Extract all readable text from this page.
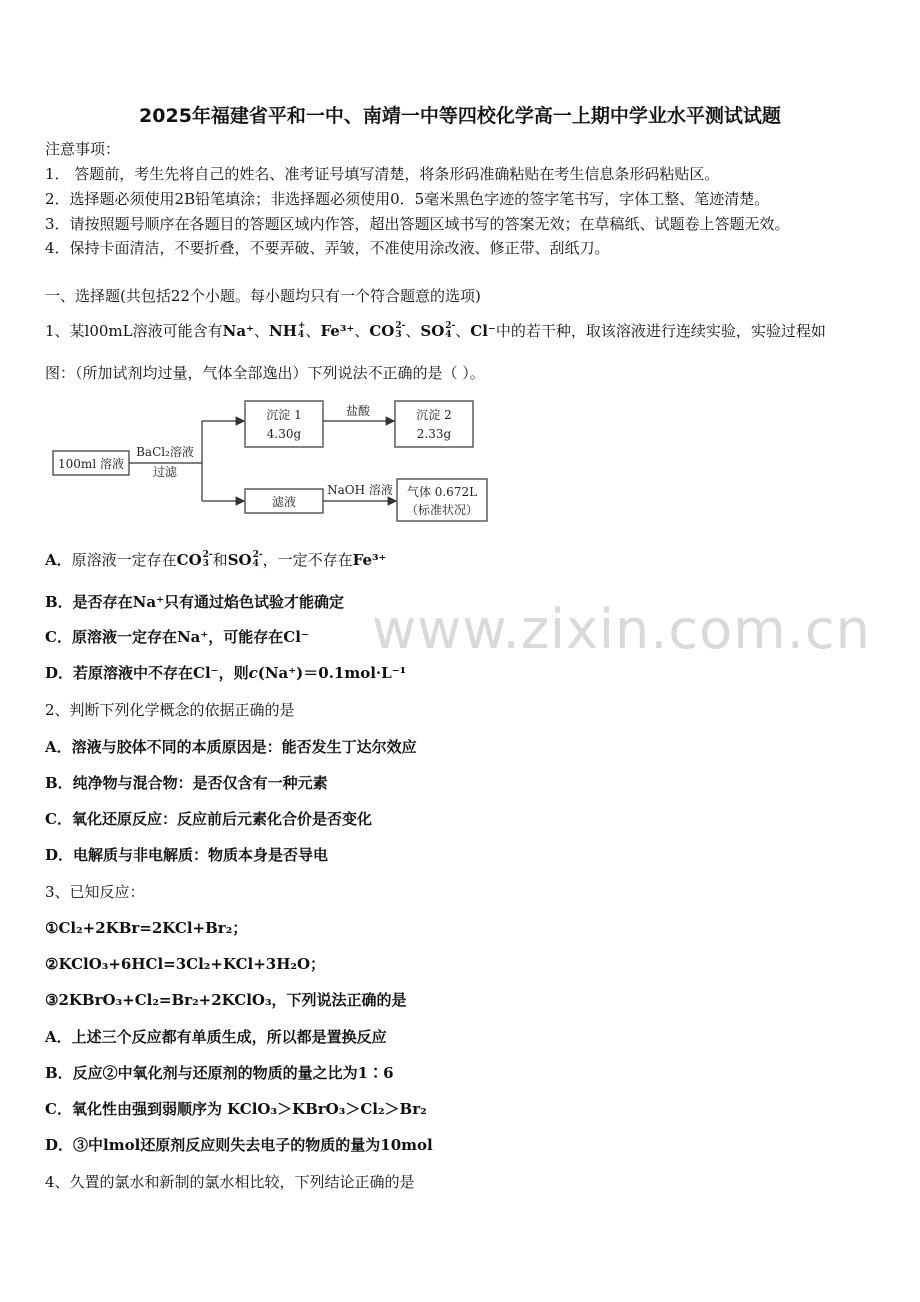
2025年福建省平和一中、南靖一中等四校化学高一上期中学业水平测试试题
注意事项：
1． 答题前，考生先将自己的姓名、准考证号填写清楚，将条形码准确粘贴在考生信息条形码粘贴区。
2．选择题必须使用2B铅笔填涂；非选择题必须使用0．5毫米黑色字迹的签字笔书写，字体工整、笔迹清楚。
3．请按照题号顺序在各题目的答题区域内作答，超出答题区域书写的答案无效；在草稿纸、试题卷上答题无效。
4．保持卡面清洁，不要折叠，不要弄破、弄皱，不准使用涂改液、修正带、刮纸刀。
一、选择题(共包括22个小题。每小题均只有一个符合题意的选项)
1、某l00mL溶液可能含有Na⁺、 NH +
4 、Fe³⁺、 CO 2-
3 、 SO 2-
4 、Cl⁻中的若干种，取该溶液进行连续实验，实验过程如
图：（所加试剂均过量，气体全部逸出）下列说法不正确的是（ ）。
100ml 溶液
BaCl₂溶液
过滤
沉淀 1
4.30g
盐酸	沉淀 2
2.33g
滤液
NaOH 溶液 气体 0.672L
（标准状况）
A．原溶液一定存在 CO 2-
3 和 SO 2-
4 ，一定不存在Fe³⁺
B．是否存在Na⁺只有通过焰色试验才能确定
C．原溶液一定存在Na⁺，可能存在Cl⁻
D．若原溶液中不存在Cl⁻，则c(Na⁺)＝0.1mol·L⁻¹
2、判断下列化学概念的依据正确的是
A．溶液与胶体不同的本质原因是：能否发生丁达尔效应
B．纯净物与混合物：是否仅含有一种元素
C．氧化还原反应：反应前后元素化合价是否变化
D．电解质与非电解质：物质本身是否导电
3、已知反应：
①Cl₂+2KBr=2KCl+Br₂；
②KClO₃+6HCl=3Cl₂+KCl+3H₂O；
③2KBrO₃+Cl₂=Br₂+2KClO₃，下列说法正确的是
A．上述三个反应都有单质生成，所以都是置换反应
B．反应②中氧化剂与还原剂的物质的量之比为1∶6
C．氧化性由强到弱顺序为 KClO₃＞KBrO₃＞Cl₂＞Br₂
D．③中lmol还原剂反应则失去电子的物质的量为10mol
4、久置的氯水和新制的氯水相比较，下列结论正确的是
www.zixin.com.cn
